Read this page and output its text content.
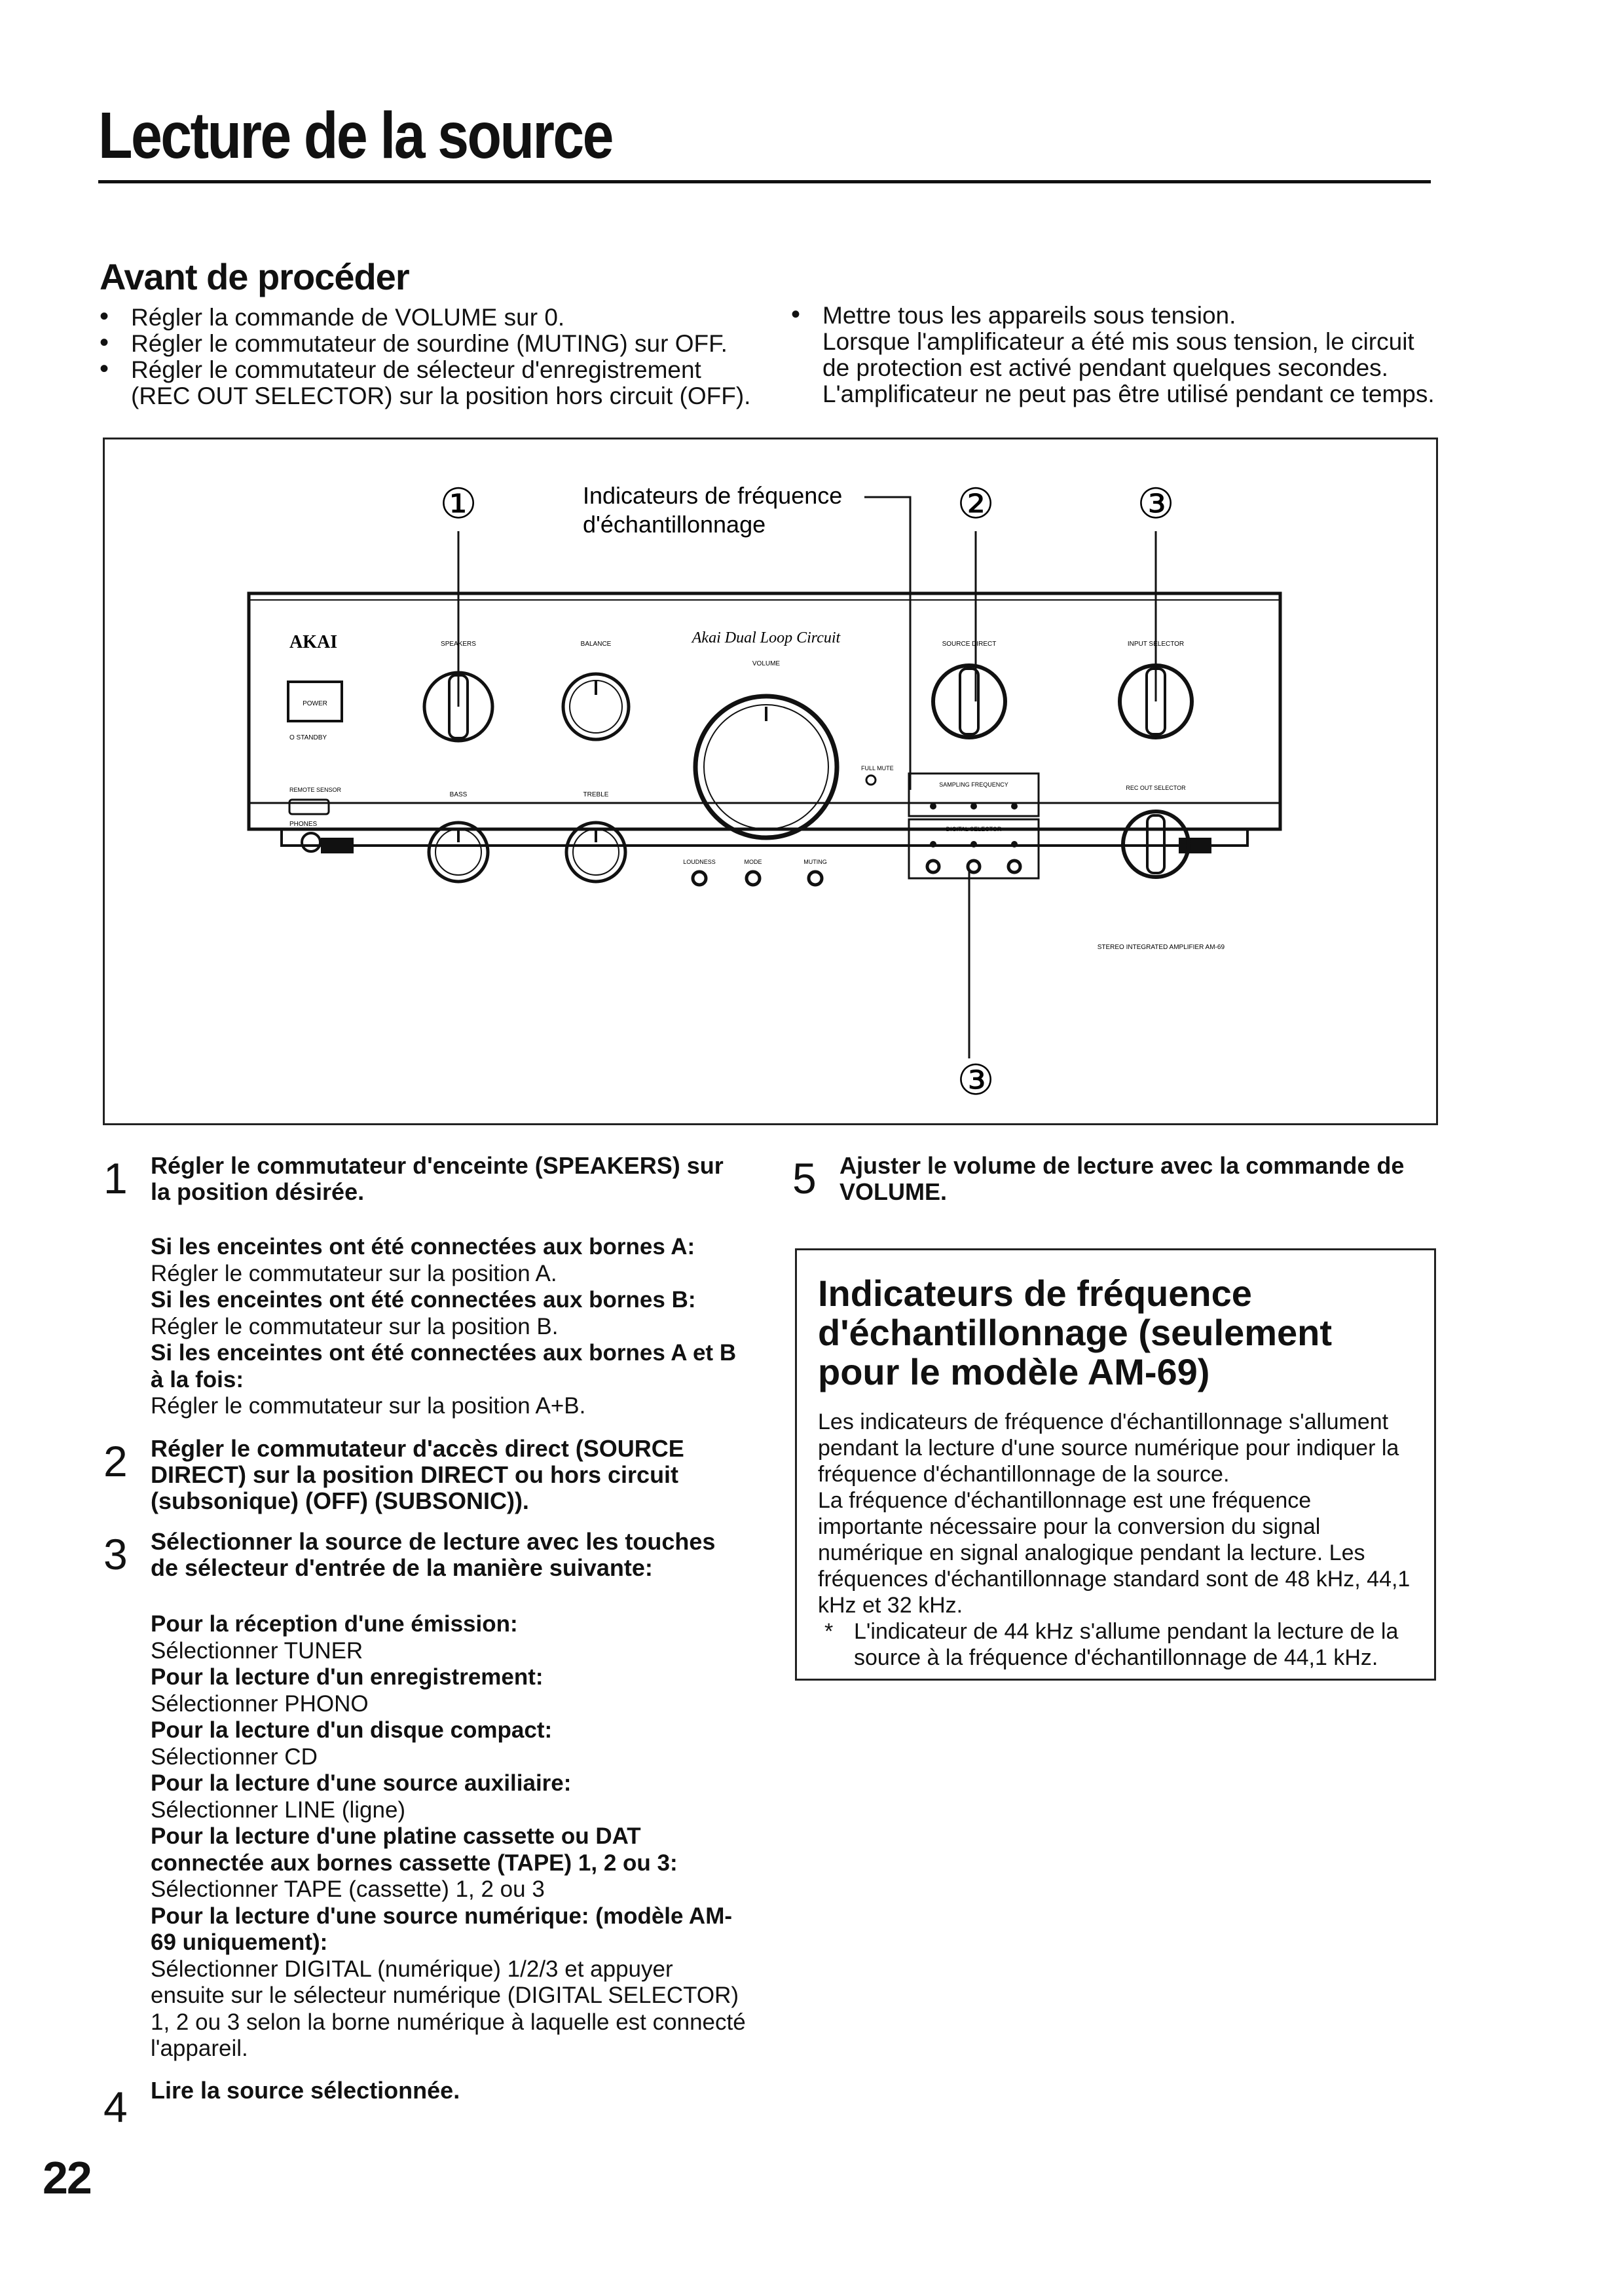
Lecture de la source
Avant de procéder
• Régler la commande de VOLUME sur 0.
• Régler le commutateur de sourdine (MUTING) sur OFF.
• Régler le commutateur de sélecteur d'enregistrement (REC OUT SELECTOR) sur la position hors circuit (OFF).
• Mettre tous les appareils sous tension.
Lorsque l'amplificateur a été mis sous tension, le circuit de protection est activé pendant quelques secondes. L'amplificateur ne peut pas être utilisé pendant ce temps.
Indicateurs de fréquence
d'échantillonnage
①	②	③
③
AKAI
POWER
O STANDBY
REMOTE SENSOR
PHONES
SPEAKERS	BALANCE
BASS	TREBLE
Akai Dual Loop Circuit
VOLUME
FULL MUTE
LOUDNESS	MODE	MUTING
SOURCE DIRECT
SAMPLING FREQUENCY
DIGITAL SELECTOR
INPUT SELECTOR
REC OUT SELECTOR
STEREO INTEGRATED AMPLIFIER AM-69
1 Régler le commutateur d'enceinte (SPEAKERS) sur la position désirée.
Si les enceintes ont été connectées aux bornes A:
Régler le commutateur sur la position A.
Si les enceintes ont été connectées aux bornes B:
Régler le commutateur sur la position B.
Si les enceintes ont été connectées aux bornes A et B à la fois:
Régler le commutateur sur la position A+B.
2 Régler le commutateur d'accès direct (SOURCE DIRECT) sur la position DIRECT ou hors circuit (subsonique) (OFF) (SUBSONIC)).
3 Sélectionner la source de lecture avec les touches de sélecteur d'entrée de la manière suivante:
Pour la réception d'une émission:
Sélectionner TUNER
Pour la lecture d'un enregistrement:
Sélectionner PHONO
Pour la lecture d'un disque compact:
Sélectionner CD
Pour la lecture d'une source auxiliaire:
Sélectionner LINE (ligne)
Pour la lecture d'une platine cassette ou DAT connectée aux bornes cassette (TAPE) 1, 2 ou 3:
Sélectionner TAPE (cassette) 1, 2 ou 3
Pour la lecture d'une source numérique: (modèle AM-69 uniquement):
Sélectionner DIGITAL (numérique) 1/2/3 et appuyer ensuite sur le sélecteur numérique (DIGITAL SELECTOR) 1, 2 ou 3 selon la borne numérique à laquelle est connecté l'appareil.
4 Lire la source sélectionnée.
5 Ajuster le volume de lecture avec la commande de VOLUME.
Indicateurs de fréquence d'échantillonnage (seulement pour le modèle AM-69)

Les indicateurs de fréquence d'échantillonnage s'allument pendant la lecture d'une source numérique pour indiquer la fréquence d'échantillonnage de la source.

La fréquence d'échantillonnage est une fréquence importante nécessaire pour la conversion du signal numérique en signal analogique pendant la lecture. Les fréquences d'échantillonnage standard sont de 48 kHz, 44,1 kHz et 32 kHz.

* L'indicateur de 44 kHz s'allume pendant la lecture de la source à la fréquence d'échantillonnage de 44,1 kHz.

22
